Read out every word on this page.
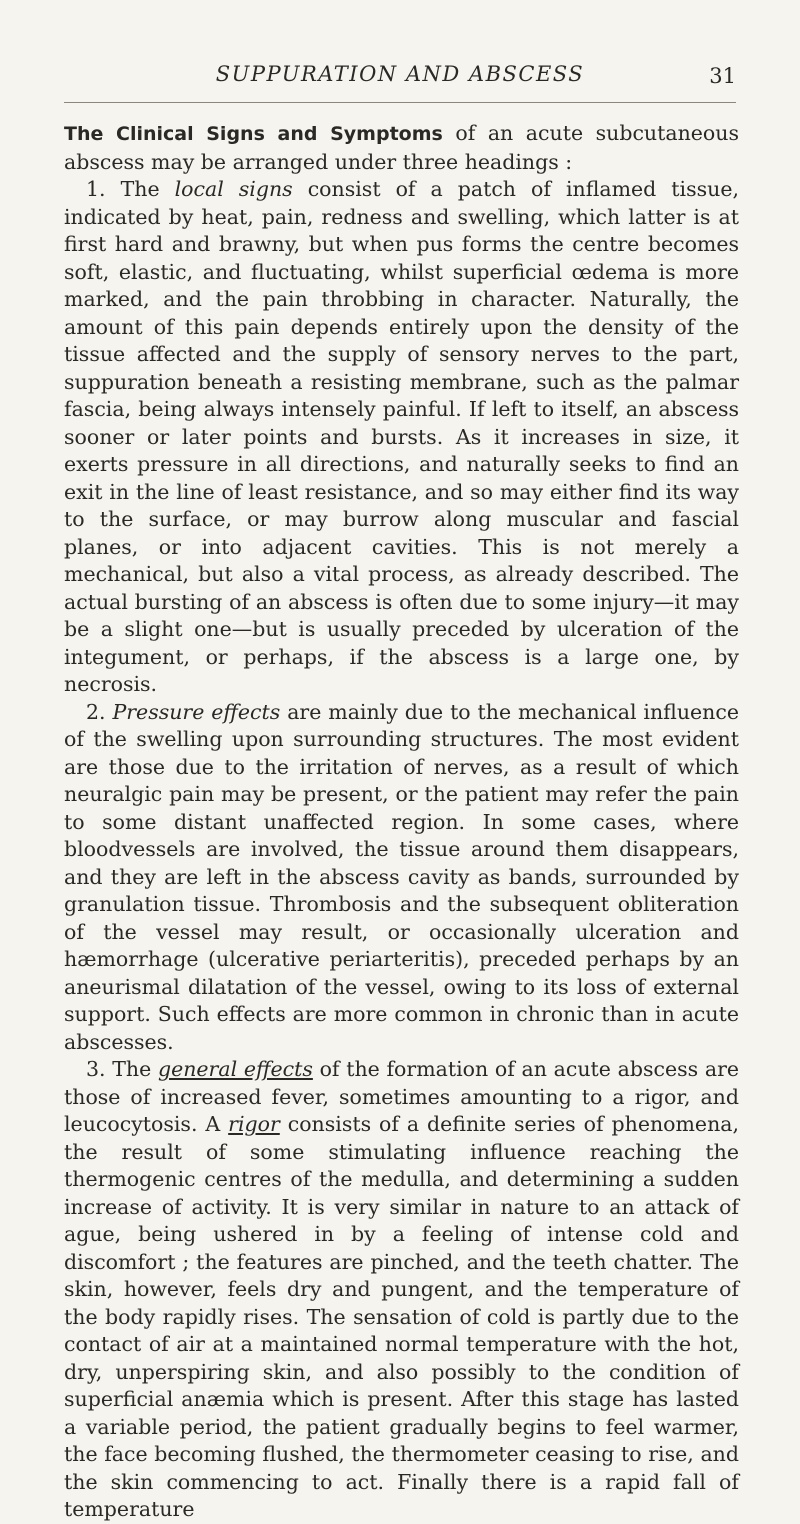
SUPPURATION AND ABSCESS	31

The Clinical Signs and Symptoms of an acute subcutaneous abscess may be arranged under three headings :

1. The local signs consist of a patch of inflamed tissue, indicated by heat, pain, redness and swelling, which latter is at first hard and brawny, but when pus forms the centre becomes soft, elastic, and fluctuating, whilst superficial œdema is more marked, and the pain throbbing in character. Naturally, the amount of this pain depends entirely upon the density of the tissue affected and the supply of sensory nerves to the part, suppuration beneath a resisting membrane, such as the palmar fascia, being always intensely painful. If left to itself, an abscess sooner or later points and bursts. As it increases in size, it exerts pressure in all directions, and naturally seeks to find an exit in the line of least resistance, and so may either find its way to the surface, or may burrow along muscular and fascial planes, or into adjacent cavities. This is not merely a mechanical, but also a vital process, as already described. The actual bursting of an abscess is often due to some injury—it may be a slight one—but is usually preceded by ulceration of the integument, or perhaps, if the abscess is a large one, by necrosis.

2. Pressure effects are mainly due to the mechanical influence of the swelling upon surrounding structures. The most evident are those due to the irritation of nerves, as a result of which neuralgic pain may be present, or the patient may refer the pain to some distant unaffected region. In some cases, where bloodvessels are involved, the tissue around them disappears, and they are left in the abscess cavity as bands, surrounded by granulation tissue. Thrombosis and the subsequent obliteration of the vessel may result, or occasionally ulceration and hæmorrhage (ulcerative periarteritis), preceded perhaps by an aneurismal dilatation of the vessel, owing to its loss of external support. Such effects are more common in chronic than in acute abscesses.

3. The general effects of the formation of an acute abscess are those of increased fever, sometimes amounting to a rigor, and leucocytosis. A rigor consists of a definite series of phenomena, the result of some stimulating influence reaching the thermogenic centres of the medulla, and determining a sudden increase of activity. It is very similar in nature to an attack of ague, being ushered in by a feeling of intense cold and discomfort ; the features are pinched, and the teeth chatter. The skin, however, feels dry and pungent, and the temperature of the body rapidly rises. The sensation of cold is partly due to the contact of air at a maintained normal temperature with the hot, dry, unperspiring skin, and also possibly to the condition of superficial anæmia which is present. After this stage has lasted a variable period, the patient gradually begins to feel warmer, the face becoming flushed, the thermometer ceasing to rise, and the skin commencing to act. Finally there is a rapid fall of temperature
